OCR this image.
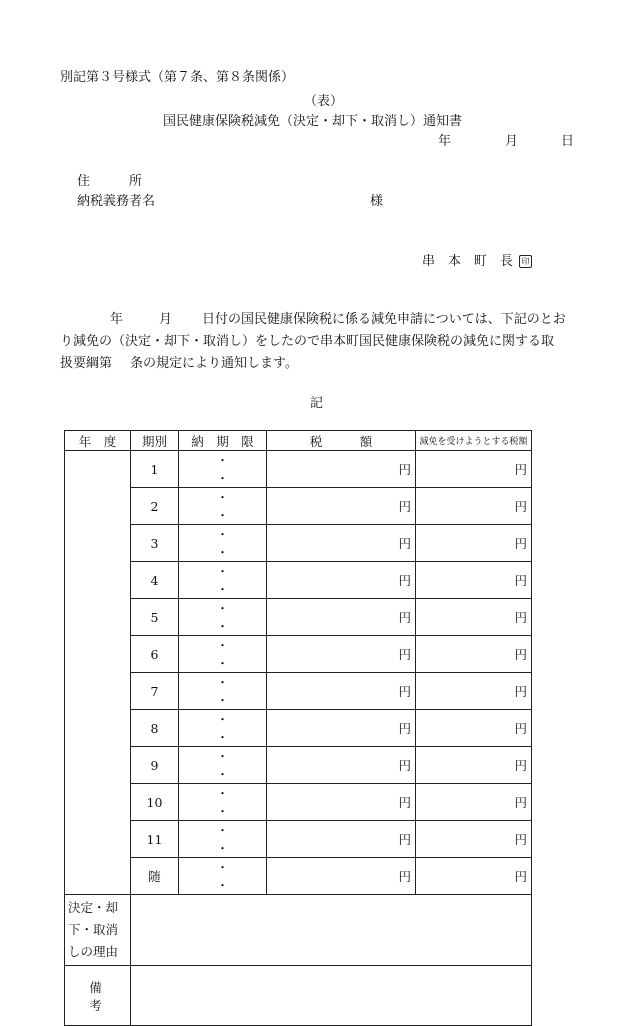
別記第３号様式（第７条、第８条関係）
（表）
国民健康保険税減免（決定・却下・取消し）通知書
年	月	日
住　　　所
納税義務者名	様
串　本　町　長 印
年	月 日付の国民健康保険税に係る減免申請については、下記のとお
り減免の（決定・却下・取消し）をしたので串本町国民健康保険税の減免に関する取
扱要綱第 条の規定により通知します。
記
年　度	期別	納　期　限	税　　　額	減免を受けようとする税額
	1	・・	円	円
	2	・・	円	円
	3	・・	円	円
	4	・・	円	円
	5	・・	円	円
	6	・・	円	円
	7	・・	円	円
	8	・・	円	円
	9	・・	円	円
	10	・・	円	円
	11	・・	円	円
	随	・・	円	円

決定・却
下・取消
しの理由				

備　考				
